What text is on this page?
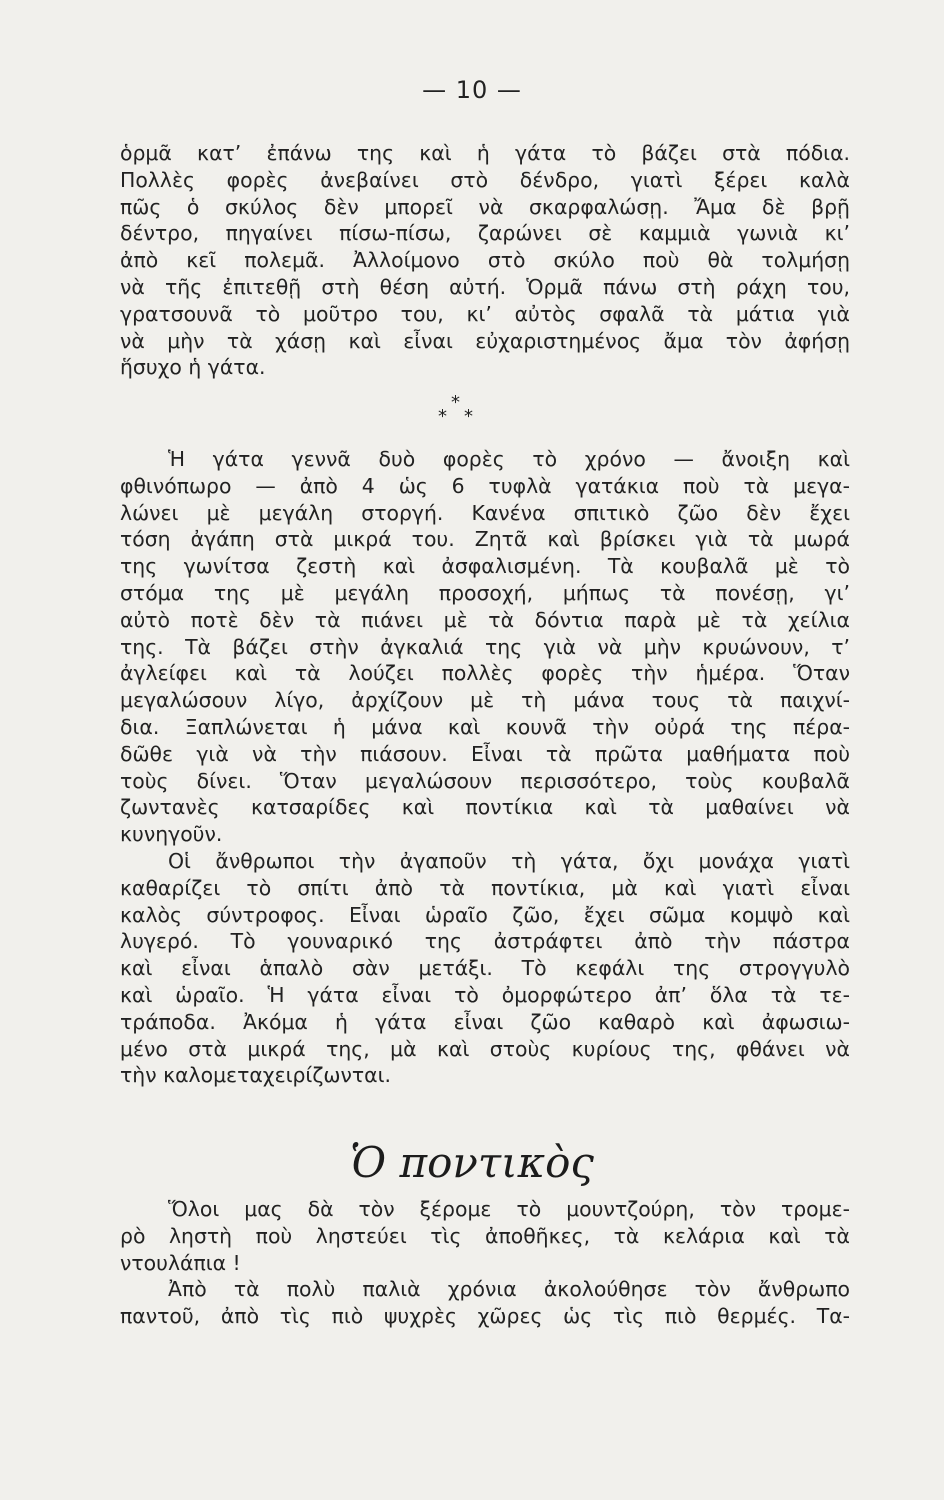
— 10 —

ὁρμᾶ κατ’ ἐπάνω της καὶ ἡ γάτα τὸ βάζει στὰ πόδια.

Πολλὲς φορὲς ἀνεβαίνει στὸ δένδρο, γιατὶ ξέρει καλὰ

πῶς ὁ σκύλος δὲν μπορεῖ νὰ σκαρφαλώσῃ. Ἄμα δὲ βρῇ

δέντρο, πηγαίνει πίσω-πίσω, ζαρώνει σὲ καμμιὰ γωνιὰ κι’

ἀπὸ κεῖ πολεμᾶ. Ἀλλοίμονο στὸ σκύλο ποὺ θὰ τολμήσῃ

νὰ τῆς ἐπιτεθῇ στὴ θέση αὐτή. Ὁρμᾶ πάνω στὴ ράχη του,

γρατσουνᾶ τὸ μοῦτρο του, κι’ αὐτὸς σφαλᾶ τὰ μάτια γιὰ

νὰ μὴν τὰ χάσῃ καὶ εἶναι εὐχαριστημένος ἄμα τὸν ἀφήσῃ

ἥσυχο ἡ γάτα.

*
* *

Ἡ γάτα γεννᾶ δυὸ φορὲς τὸ χρόνο — ἄνοιξη καὶ

φθινόπωρο — ἀπὸ 4 ὡς 6 τυφλὰ γατάκια ποὺ τὰ μεγα-

λώνει μὲ μεγάλη στοργή. Κανένα σπιτικὸ ζῶο δὲν ἔχει

τόση ἀγάπη στὰ μικρά του. Ζητᾶ καὶ βρίσκει γιὰ τὰ μωρά

της γωνίτσα ζεστὴ καὶ ἀσφαλισμένη. Τὰ κουβαλᾶ μὲ τὸ

στόμα της μὲ μεγάλη προσοχή, μήπως τὰ πονέσῃ, γι’

αὐτὸ ποτὲ δὲν τὰ πιάνει μὲ τὰ δόντια παρὰ μὲ τὰ χείλια

της. Τὰ βάζει στὴν ἀγκαλιά της γιὰ νὰ μὴν κρυώνουν, τ’

ἀγλείφει καὶ τὰ λούζει πολλὲς φορὲς τὴν ἡμέρα. Ὅταν

μεγαλώσουν λίγο, ἀρχίζουν μὲ τὴ μάνα τους τὰ παιχνί-

δια. Ξαπλώνεται ἡ μάνα καὶ κουνᾶ τὴν οὐρά της πέρα-

δῶθε γιὰ νὰ τὴν πιάσουν. Εἶναι τὰ πρῶτα μαθήματα ποὺ

τοὺς δίνει. Ὅταν μεγαλώσουν περισσότερο, τοὺς κουβαλᾶ

ζωντανὲς κατσαρίδες καὶ ποντίκια καὶ τὰ μαθαίνει νὰ

κυνηγοῦν.

Οἱ ἄνθρωποι τὴν ἀγαποῦν τὴ γάτα, ὄχι μονάχα γιατὶ

καθαρίζει τὸ σπίτι ἀπὸ τὰ ποντίκια, μὰ καὶ γιατὶ εἶναι

καλὸς σύντροφος. Εἶναι ὡραῖο ζῶο, ἔχει σῶμα κομψὸ καὶ

λυγερό. Τὸ γουναρικό της ἀστράφτει ἀπὸ τὴν πάστρα

καὶ εἶναι ἁπαλὸ σὰν μετάξι. Τὸ κεφάλι της στρογγυλὸ

καὶ ὡραῖο. Ἡ γάτα εἶναι τὸ ὀμορφώτερο ἀπ’ ὅλα τὰ τε-

τράποδα. Ἀκόμα ἡ γάτα εἶναι ζῶο καθαρὸ καὶ ἀφωσιω-

μένο στὰ μικρά της, μὰ καὶ στοὺς κυρίους της, φθάνει νὰ

τὴν καλομεταχειρίζωνται.

Ὁ ποντικὸς

Ὅλοι μας δὰ τὸν ξέρομε τὸ μουντζούρη, τὸν τρομε-

ρὸ ληστὴ ποὺ ληστεύει τὶς ἀποθῆκες, τὰ κελάρια καὶ τὰ

ντουλάπια !

Ἀπὸ τὰ πολὺ παλιὰ χρόνια ἀκολούθησε τὸν ἄνθρωπο

παντοῦ, ἀπὸ τὶς πιὸ ψυχρὲς χῶρες ὡς τὶς πιὸ θερμές. Τα-
